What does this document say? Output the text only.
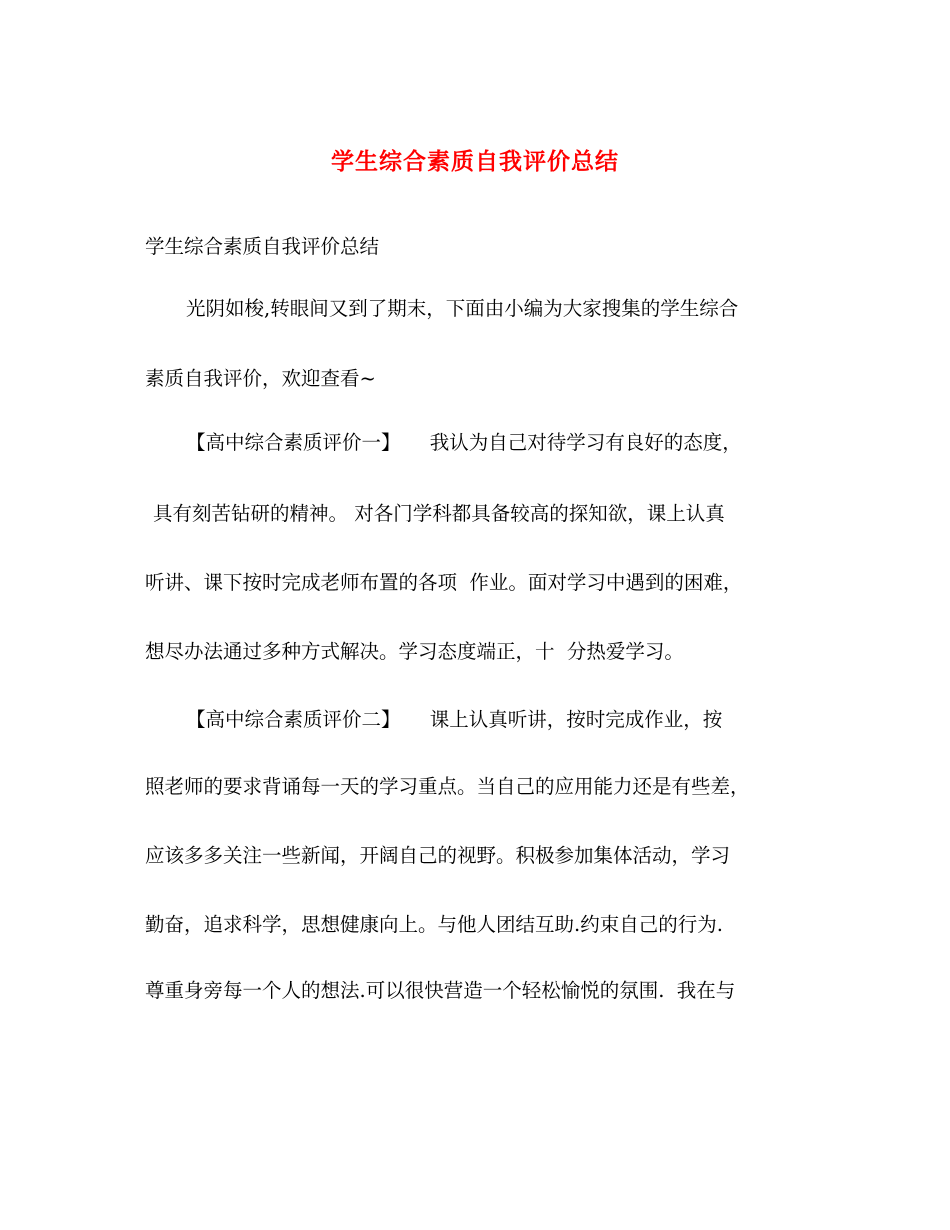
学生综合素质自我评价总结
学生综合素质自我评价总结
光阴如梭,转眼间又到了期末，下面由小编为大家搜集的学生综合
素质自我评价，欢迎查看~
【高中综合素质评价一】　　我认为自己对待学习有良好的态度，
具有刻苦钻研的精神。 对各门学科都具备较高的探知欲，课上认真
听讲、课下按时完成老师布置的各项  作业。面对学习中遇到的困难，
想尽办法通过多种方式解决。学习态度端正，十  分热爱学习。
【高中综合素质评价二】　　课上认真听讲，按时完成作业，按
照老师的要求背诵每一天的学习重点。当自己的应用能力还是有些差，
应该多多关注一些新闻，开阔自己的视野。积极参加集体活动，学习
勤奋，追求科学，思想健康向上。与他人团结互助.约束自己的行为.
尊重身旁每一个人的想法.可以很快营造一个轻松愉悦的氛围.  我在与
